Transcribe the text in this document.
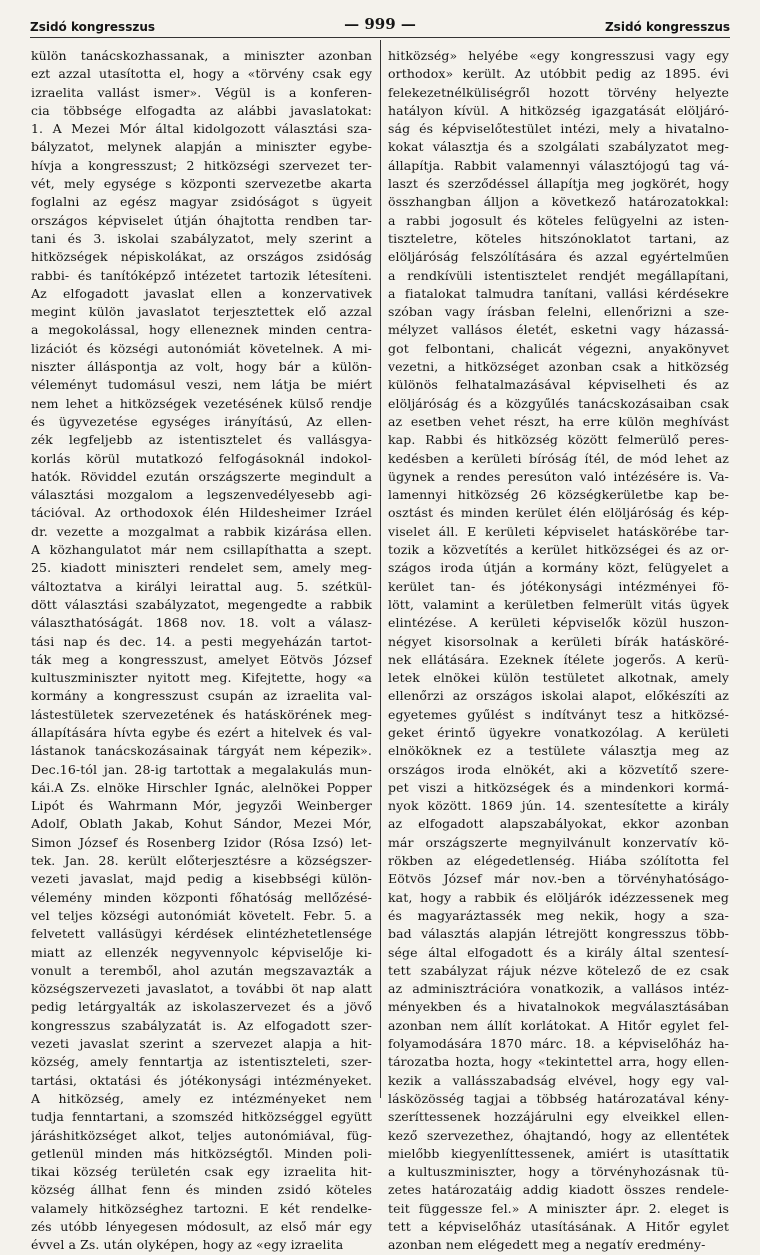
Zsidó kongresszus	— 999 —	Zsidó kongresszus
külön tanácskozhassanak, a miniszter azonban
ezt azzal utasította el, hogy a «törvény csak egy
izraelita vallást ismer». Végül is a konferen-
cia többsége elfogadta az alábbi javaslatokat:
1. A Mezei Mór által kidolgozott választási sza-
bályzatot, melynek alapján a miniszter egybe-
hívja a kongresszust; 2 hitközségi szervezet ter-
vét, mely egysége s központi szervezetbe akarta
foglalni az egész magyar zsidóságot s ügyeit
országos képviselet útján óhajtotta rendben tar-
tani és 3. iskolai szabályzatot, mely szerint a
hitközségek népiskolákat, az országos zsidóság
rabbi- és tanítóképző intézetet tartozik létesíteni.
Az elfogadott javaslat ellen a konzervativek
megint külön javaslatot terjesztettek elő azzal
a megokolással, hogy elleneznek minden centra-
lizációt és községi autonómiát követelnek. A mi-
niszter álláspontja az volt, hogy bár a külön-
véleményt tudomásul veszi, nem látja be miért
nem lehet a hitközségek vezetésének külső rendje
és ügyvezetése egységes irányítású, Az ellen-
zék legfeljebb az istentisztelet és vallásgya-
korlás körül mutatkozó felfogásoknál indokol-
hatók. Röviddel ezután országszerte megindult a
választási mozgalom a legszenvedélyesebb agi-
tációval. Az orthodoxok élén Hildesheimer Izráel
dr. vezette a mozgalmat a rabbik kizárása ellen.
A közhangulatot már nem csillapíthatta a szept.
25. kiadott miniszteri rendelet sem, amely meg-
változtatva a királyi leirattal aug. 5. szétkül-
dött választási szabályzatot, megengedte a rabbik
választhatóságát. 1868 nov. 18. volt a válasz-
tási nap és dec. 14. a pesti megyeházán tartot-
ták meg a kongresszust, amelyet Eötvös József
kultuszminiszter nyitott meg. Kifejtette, hogy «a
kormány a kongresszust csupán az izraelita val-
lástestületek szervezetének és hatáskörének meg-
állapítására hívta egybe és ezért a hitelvek és val-
lástanok tanácskozásainak tárgyát nem képezik».
Dec.16-tól jan. 28-ig tartottak a megalakulás mun-
kái.A Zs. elnöke Hirschler Ignác, alelnökei Popper
Lipót és Wahrmann Mór, jegyzői Weinberger
Adolf, Oblath Jakab, Kohut Sándor, Mezei Mór,
Simon József és Rosenberg Izidor (Rósa Izsó) let-
tek. Jan. 28. került előterjesztésre a községszer-
vezeti javaslat, majd pedig a kisebbségi külön-
vélemény minden központi főhatóság mellőzésé-
vel teljes községi autonómiát követelt. Febr. 5. a
felvetett vallásügyi kérdések elintézhetetlensége
miatt az ellenzék negyvennyolc képviselője ki-
vonult a teremből, ahol azután megszavazták a
községszervezeti javaslatot, a további öt nap alatt
pedig letárgyalták az iskolaszervezet és a jövő
kongresszus szabályzatát is. Az elfogadott szer-
vezeti javaslat szerint a szervezet alapja a hit-
község, amely fenntartja az istentiszteleti, szer-
tartási, oktatási és jótékonysági intézményeket.
A hitközség, amely ez intézményeket nem
tudja fenntartani, a szomszéd hitközséggel együtt
járáshitközséget alkot, teljes autonómiával, füg-
getlenül minden más hitközségtől. Minden poli-
tikai község területén csak egy izraelita hit-
község állhat fenn és minden zsidó köteles
valamely hitközséghez tartozni. E két rendelke-
zés utóbb lényegesen módosult, az első már egy
évvel a Zs. után olyképen, hogy az «egy izraelita
hitközség» helyébe «egy kongresszusi vagy egy
orthodox» került. Az utóbbit pedig az 1895. évi
felekezetnélküliségről hozott törvény helyezte
hatályon kívül. A hitközség igazgatását elöljáró-
ság és képviselőtestület intézi, mely a hivatalno-
kokat választja és a szolgálati szabályzatot meg-
állapítja. Rabbit valamennyi választójogú tag vá-
laszt és szerződéssel állapítja meg jogkörét, hogy
összhangban álljon a következő határozatokkal:
a rabbi jogosult és köteles felügyelni az isten-
tiszteletre, köteles hitszónoklatot tartani, az
elöljáróság felszólítására és azzal egyértelműen
a rendkívüli istentisztelet rendjét megállapítani,
a fiatalokat talmudra tanítani, vallási kérdésekre
szóban vagy írásban felelni, ellenőrizni a sze-
mélyzet vallásos életét, esketni vagy házassá-
got felbontani, chalicát végezni, anyakönyvet
vezetni, a hitközséget azonban csak a hitközség
különös felhatalmazásával képviselheti és az
elöljáróság és a közgyűlés tanácskozásaiban csak
az esetben vehet részt, ha erre külön meghívást
kap. Rabbi és hitközség között felmerülő peres-
kedésben a kerületi bíróság ítél, de mód lehet az
ügynek a rendes peresúton való intézésére is. Va-
lamennyi hitközség 26 községkerületbe kap be-
osztást és minden kerület élén elöljáróság és kép-
viselet áll. E kerületi képviselet hatáskörébe tar-
tozik a közvetítés a kerület hitközségei és az or-
szágos iroda útján a kormány közt, felügyelet a
kerület tan- és jótékonysági intézményei fö-
lött, valamint a kerületben felmerült vitás ügyek
elintézése. A kerületi képviselők közül huszon-
négyet kisorsolnak a kerületi bírák hatásköré-
nek ellátására. Ezeknek ítélete jogerős. A kerü-
letek elnökei külön testületet alkotnak, amely
ellenőrzi az országos iskolai alapot, előkészíti az
egyetemes gyűlést s indítványt tesz a hitközsé-
geket érintő ügyekre vonatkozólag. A kerületi
elnököknek ez a testülete választja meg az
országos iroda elnökét, aki a közvetítő szere-
pet viszi a hitközségek és a mindenkori kormá-
nyok között. 1869 jún. 14. szentesítette a király
az elfogadott alapszabályokat, ekkor azonban
már országszerte megnyilvánult konzervatív kö-
rökben az elégedetlenség. Hiába szólította fel
Eötvös József már nov.-ben a törvényhatóságo-
kat, hogy a rabbik és elöljárók idézzessenek meg
és magyaráztassék meg nekik, hogy a sza-
bad választás alapján létrejött kongresszus több-
sége által elfogadott és a király által szentesí-
tett szabályzat rájuk nézve kötelező de ez csak
az adminisztrációra vonatkozik, a vallásos intéz-
ményekben és a hivatalnokok megválasztásában
azonban nem állít korlátokat. A Hitőr egylet fel-
folyamodására 1870 márc. 18. a képviselőház ha-
tározatba hozta, hogy «tekintettel arra, hogy ellen-
kezik a vallásszabadság elvével, hogy egy val-
lásközösség tagjai a többség határozatával kény-
szeríttessenek hozzájárulni egy elveikkel ellen-
kező szervezethez, óhajtandó, hogy az ellentétek
mielőbb kiegyenlíttessenek, amiért is utasíttatik
a kultuszminiszter, hogy a törvényhozásnak tü-
zetes határozatáig addig kiadott összes rendele-
teit függessze fel.» A miniszter ápr. 2. eleget is
tett a képviselőház utasításának. A Hitőr egylet
azonban nem elégedett meg a negatív eredmény-
